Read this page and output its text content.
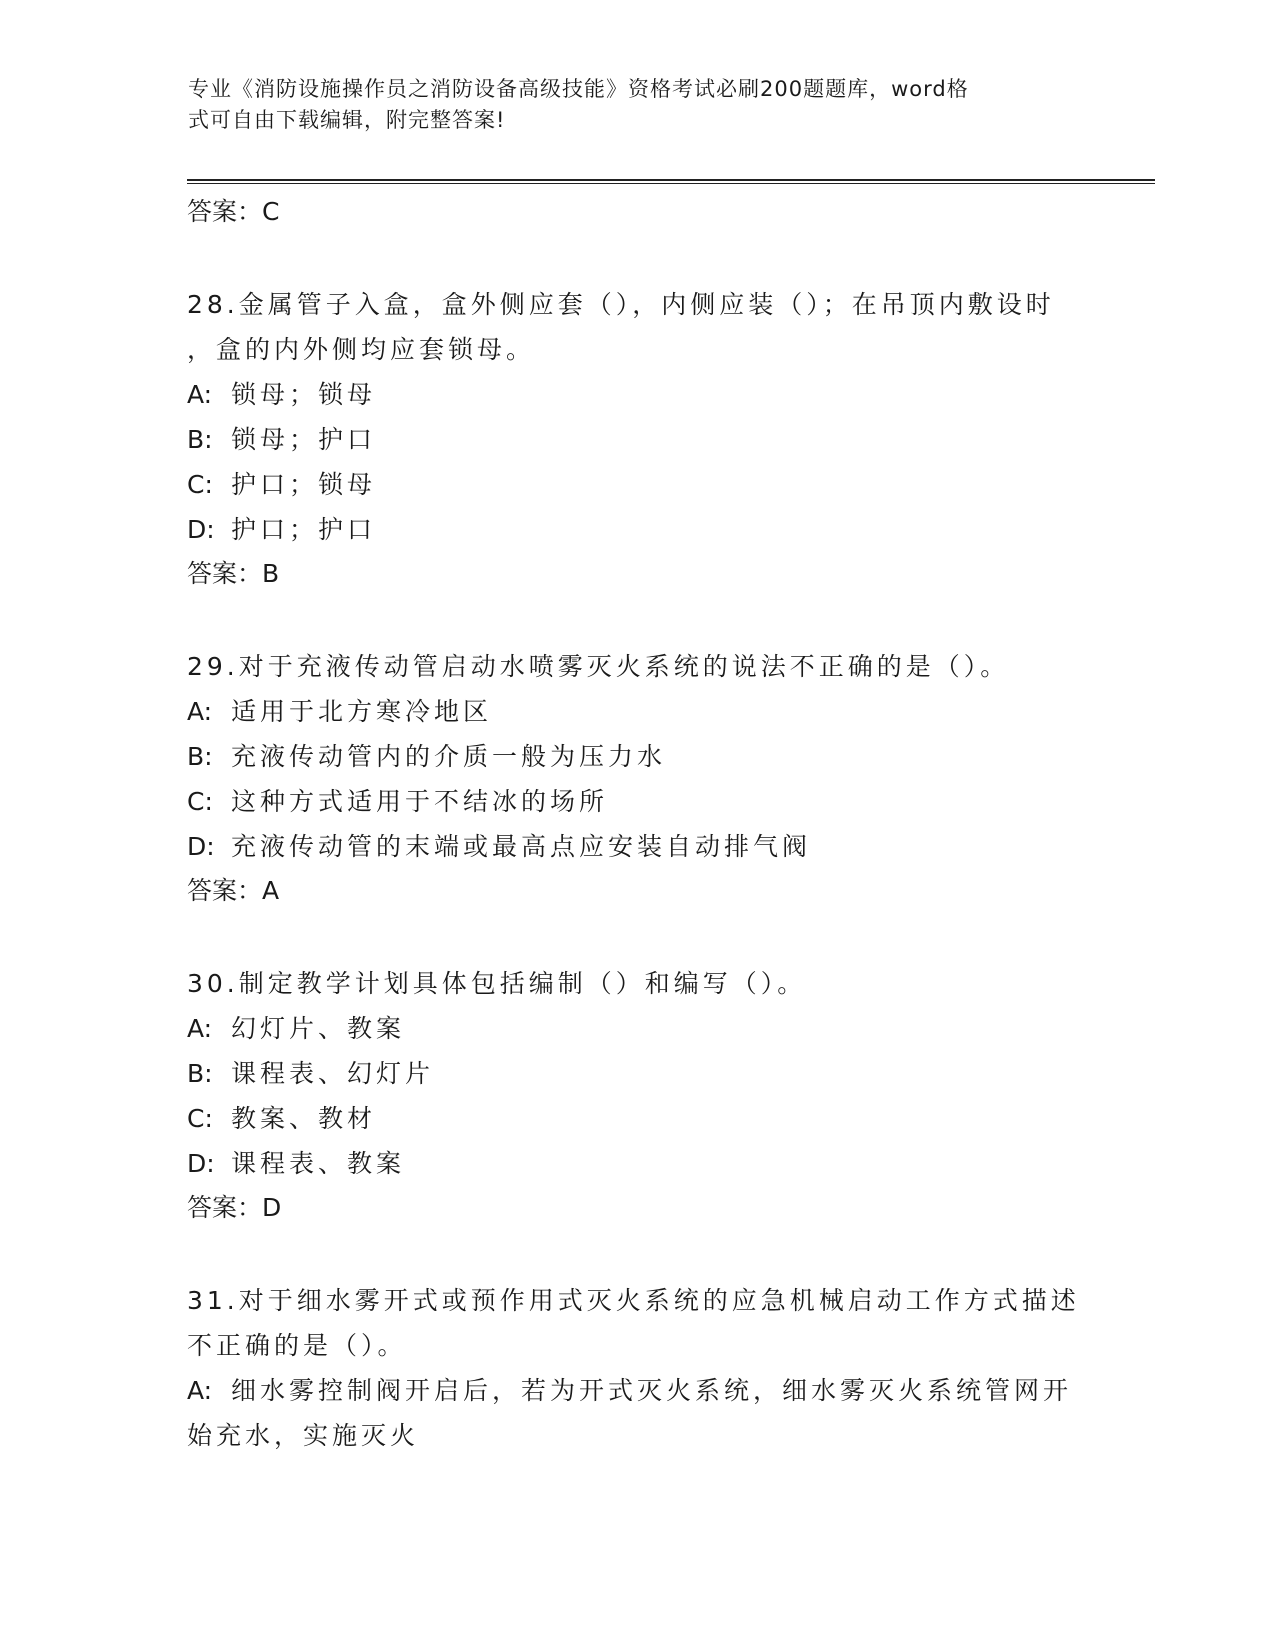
专业《消防设施操作员之消防设备高级技能》资格考试必刷200题题库，word格
式可自由下载编辑，附完整答案!
答案：C
28.金属管子入盒，盒外侧应套（），内侧应装（）；在吊顶内敷设时
，盒的内外侧均应套锁母。
A: 锁母；锁母
B: 锁母；护口
C: 护口；锁母
D: 护口；护口
答案：B
29.对于充液传动管启动水喷雾灭火系统的说法不正确的是（）。
A: 适用于北方寒冷地区
B: 充液传动管内的介质一般为压力水
C: 这种方式适用于不结冰的场所
D: 充液传动管的末端或最高点应安装自动排气阀
答案：A
30.制定教学计划具体包括编制（）和编写（）。
A: 幻灯片、教案
B: 课程表、幻灯片
C: 教案、教材
D: 课程表、教案
答案：D
31.对于细水雾开式或预作用式灭火系统的应急机械启动工作方式描述
不正确的是（）。
A: 细水雾控制阀开启后，若为开式灭火系统，细水雾灭火系统管网开
始充水，实施灭火
